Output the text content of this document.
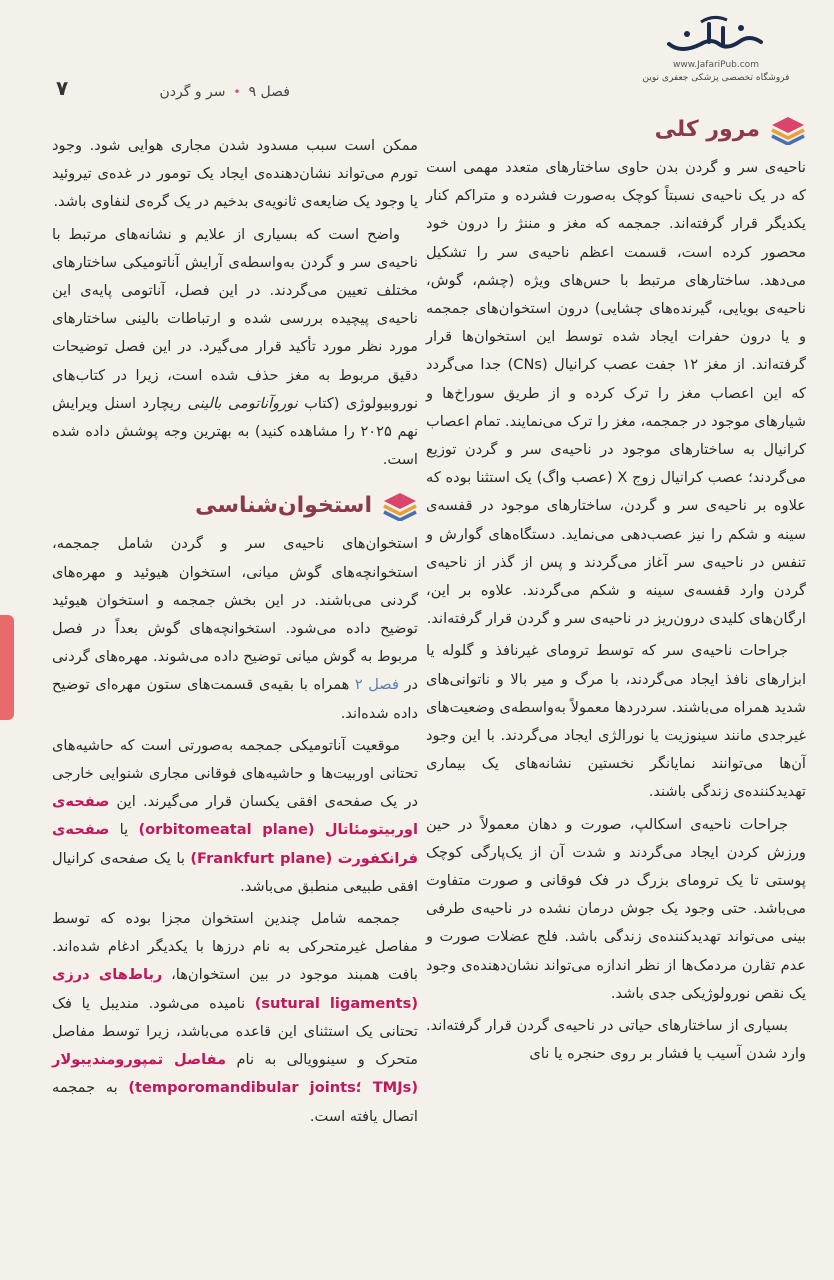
۷	فصل ۹
•
سر و گردن
www.JafariPub.com
فروشگاه تخصصی پزشکی جعفری نوین
مرور کلی

ناحیه‌ی سر و گردن بدن حاوی ساختارهای متعدد مهمی است که در یک ناحیه‌ی نسبتاً کوچک به‌صورت فشرده و متراکم کنار یکدیگر قرار گرفته‌اند. جمجمه که مغز و مننژ را درون خود محصور کرده است، قسمت اعظم ناحیه‌ی سر را تشکیل می‌دهد. ساختارهای مرتبط با حس‌های ویژه (چشم، گوش، ناحیه‌ی بویایی، گیرنده‌های چشایی) درون استخوان‌های جمجمه و یا درون حفرات ایجاد شده توسط این استخوان‌ها قرار گرفته‌اند. از مغز ۱۲ جفت عصب کرانیال (CNs) جدا می‌گردد که این اعصاب مغز را ترک کرده و از طریق سوراخ‌ها و شیارهای موجود در جمجمه، مغز را ترک می‌نمایند. تمام اعصاب کرانیال به ساختارهای موجود در ناحیه‌ی سر و گردن توزیع می‌گردند؛ عصب کرانیال زوج X (عصب واگ) یک استثنا بوده که علاوه بر ناحیه‌ی سر و گردن، ساختارهای موجود در قفسه‌ی سینه و شکم را نیز عصب‌دهی می‌نماید. دستگاه‌های گوارش و تنفس در ناحیه‌ی سر آغاز می‌گردند و پس از گذر از ناحیه‌ی گردن وارد قفسه‌ی سینه و شکم می‌گردند. علاوه بر این، ارگان‌های کلیدی درون‌ریز در ناحیه‌ی سر و گردن قرار گرفته‌اند.

جراحات ناحیه‌ی سر که توسط ترومای غیرنافذ و گلوله یا ابزارهای نافذ ایجاد می‌گردند، با مرگ و میر بالا و ناتوانی‌های شدید همراه می‌باشند. سردردها معمولاً به‌واسطه‌ی وضعیت‌های غیرجدی مانند سینوزیت یا نورالژی ایجاد می‌گردند. با این وجود آن‌ها می‌توانند نمایانگر نخستین نشانه‌های یک بیماری تهدیدکننده‌ی زندگی باشند.

جراحات ناحیه‌ی اسکالپ، صورت و دهان معمولاً در حین ورزش کردن ایجاد می‌گردند و شدت آن از یک‌پارگی کوچک پوستی تا یک ترومای بزرگ در فک فوقانی و صورت متفاوت می‌باشد. حتی وجود یک جوش درمان نشده در ناحیه‌ی طرفی بینی می‌تواند تهدیدکننده‌ی زندگی باشد. فلج عضلات صورت و عدم تقارن مردمک‌ها از نظر اندازه می‌تواند نشان‌دهنده‌ی وجود یک نقص نورولوژیکی جدی باشد.

بسیاری از ساختارهای حیاتی در ناحیه‌ی گردن قرار گرفته‌اند. وارد شدن آسیب یا فشار بر روی حنجره یا نای

ممکن است سبب مسدود شدن مجاری هوایی شود. وجود تورم می‌تواند نشان‌دهنده‌ی ایجاد یک تومور در غده‌ی تیروئید یا وجود یک ضایعه‌ی ثانویه‌ی بدخیم در یک گره‌ی لنفاوی باشد.

واضح است که بسیاری از علایم و نشانه‌های مرتبط با ناحیه‌ی سر و گردن به‌واسطه‌ی آرایش آناتومیکی ساختارهای مختلف تعیین می‌گردند. در این فصل، آناتومی پایه‌ی این ناحیه‌ی پیچیده بررسی شده و ارتباطات بالینی ساختارهای مورد نظر مورد تأکید قرار می‌گیرد. در این فصل توضیحات دقیق مربوط به مغز حذف شده است، زیرا در کتاب‌های نوروبیولوژی (کتاب نوروآناتومی بالینی ریچارد اسنل ویرایش نهم ۲۰۲۵ را مشاهده کنید) به بهترین وجه پوشش داده شده است.

استخوان‌شناسی

استخوان‌های ناحیه‌ی سر و گردن شامل جمجمه، استخوانچه‌های گوش میانی، استخوان هیوئید و مهره‌های گردنی می‌باشند. در این بخش جمجمه و استخوان هیوئید توضیح داده می‌شود. استخوانچه‌های گوش بعداً در فصل مربوط به گوش میانی توضیح داده می‌شوند. مهره‌های گردنی در فصل ۲ همراه با بقیه‌ی قسمت‌های ستون مهره‌ای توضیح داده شده‌اند.

موقعیت آناتومیکی جمجمه به‌صورتی است که حاشیه‌های تحتانی اوربیت‌ها و حاشیه‌های فوقانی مجاری شنوایی خارجی در یک صفحه‌ی افقی یکسان قرار می‌گیرند. این صفحه‌ی اوربیتومئاتال (orbitomeatal plane) یا صفحه‌ی فرانکفورت (Frankfurt plane) با یک صفحه‌ی کرانیال افقی طبیعی منطبق می‌باشد.

جمجمه شامل چندین استخوان مجزا بوده که توسط مفاصل غیرمتحرکی به نام درزها با یکدیگر ادغام شده‌اند. بافت همبند موجود در بین استخوان‌ها، رباط‌های درزی (sutural ligaments) نامیده می‌شود. مندیبل یا فک تحتانی یک استثنای این قاعده می‌باشد، زیرا توسط مفاصل متحرک و سینوویالی به نام مفاصل تمپورومندیبولار (temporomandibular joints؛ TMJs) به جمجمه اتصال یافته است.
